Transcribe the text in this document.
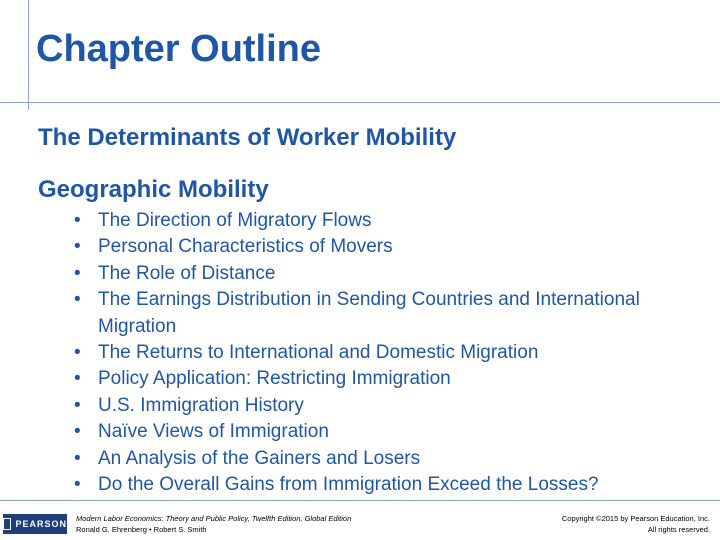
Chapter Outline
The Determinants of Worker Mobility
Geographic Mobility
• The Direction of Migratory Flows
• Personal Characteristics of Movers
• The Role of Distance
• The Earnings Distribution in Sending Countries and International Migration
• The Returns to International and Domestic Migration
• Policy Application: Restricting Immigration
• U.S. Immigration History
• Naïve Views of Immigration
• An Analysis of the Gainers and Losers
• Do the Overall Gains from Immigration Exceed the Losses?
PEARSON
Modern Labor Economics: Theory and Public Policy, Twelfth Edition, Global Edition
Ronald G. Ehrenberg • Robert S. Smith
Copyright ©2015 by Pearson Education, Inc.
All rights reserved.
